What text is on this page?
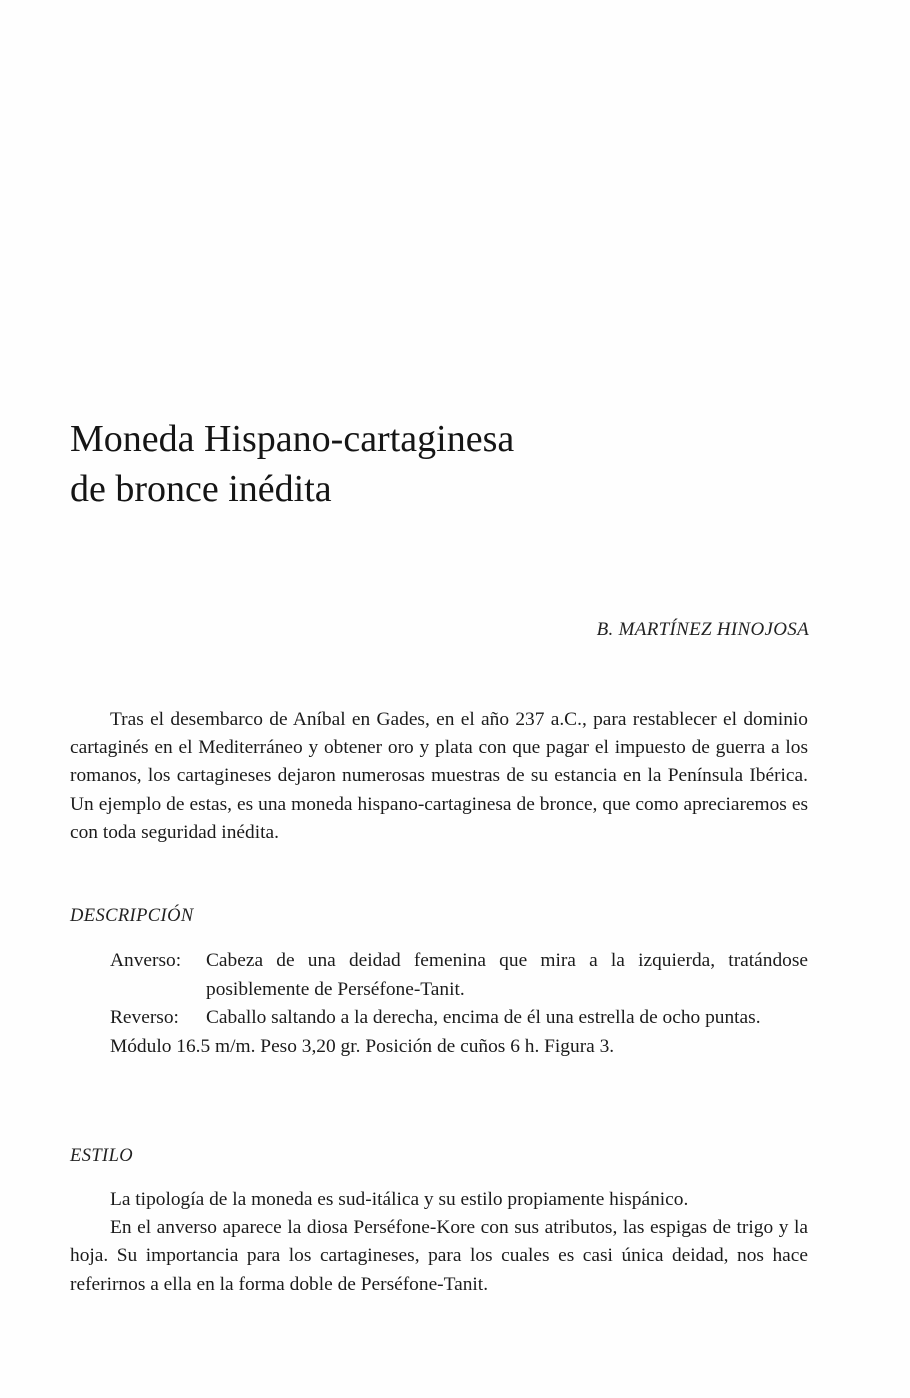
Moneda Hispano-cartaginesa
de bronce inédita
B. MARTÍNEZ HINOJOSA

Tras el desembarco de Aníbal en Gades, en el año 237 a.C., para restablecer el dominio cartaginés en el Mediterráneo y obtener oro y plata con que pagar el impuesto de guerra a los romanos, los cartagineses dejaron numerosas muestras de su estancia en la Península Ibérica. Un ejemplo de estas, es una moneda hispano-cartaginesa de bronce, que como apreciaremos es con toda seguridad inédita.

DESCRIPCIÓN
Anverso:	Cabeza de una deidad femenina que mira a la izquierda, tratándose posiblemente de Perséfone-Tanit.
Reverso:	Caballo saltando a la derecha, encima de él una estrella de ocho puntas.
Módulo 16.5 m/m. Peso 3,20 gr. Posición de cuños 6 h. Figura 3.
ESTILO

La tipología de la moneda es sud-itálica y su estilo propiamente hispánico.

En el anverso aparece la diosa Perséfone-Kore con sus atributos, las espigas de trigo y la hoja. Su importancia para los cartagineses, para los cuales es casi única deidad, nos hace referirnos a ella en la forma doble de Perséfone-Tanit.
